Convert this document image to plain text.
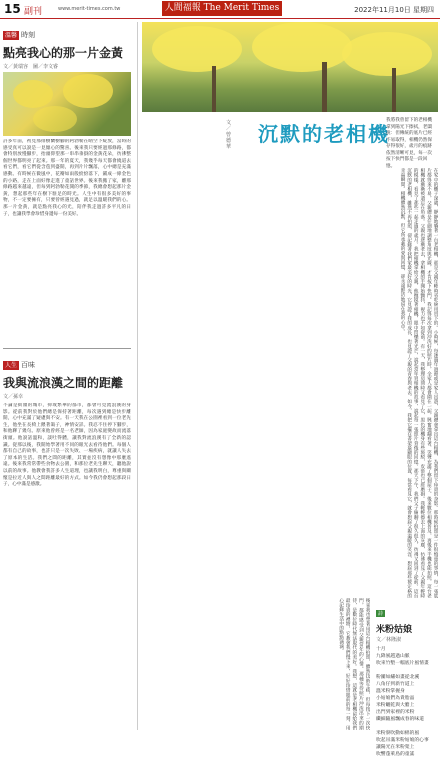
15 副刊	www.merit-times.com.tw	人間福報 The Merit Times	2022年11月10日 星期四
溫馨 時刻
點亮我心的那一片金黃
文／黃瑞容　圖／李文睿
許多年前，初見那排樹蘭樹腳的阿勃勒在晴空下綻放，當時的感受真可以說是一見傾心的驚喜。後來我只要經過那條路，都會特別放慢腳步，抬頭仰望那一串串垂掛的金黃花朵，彷彿整個世界都明亮了起來。那一年的夏天，我幾乎每天都會繞道去看它們，看它們從含苞到盛開，再到片片飄落，心中總是充滿感動。有時候在微風中，花瓣如雨般紛紛落下，鋪成一條金色的小路，走在上面好像走進了童話世界。後來我搬了家，離那條路越來越遠，但每到阿勃勒花開的季節，我總會想起那片金黃，想起那些年在樹下駐足的時光。人生中有很多美好的事物，不一定要擁有，只要曾經遇見過，就足以溫暖我們的心。那一片金黃，就是點亮我心的光，陪伴我走過許多平凡的日子，也讓我學會珍惜身邊每一份美好。
人生 百味
我與流浪漢之間的距離
文／孫幸
不論是街頭的城市，抑或繁華的都市，都會可見流浪漢的身影。從前我對於他們總是保持著距離，每次遇到總是快步離開，心中充滿了疑慮與不安。有一天我在公園裡看到一位老先生，他坐在長椅上餵著鴿子，神情安詳。我忍不住停下腳步，和他聊了幾句。原來他曾經是一名老師，因為家庭變故而流落街頭。他說話溫和，談吐得體，讓我對流浪漢有了全新的認識。從那以後，我開始學著用不同的眼光去看待他們。每個人都有自己的故事，也許只是一次失敗、一場疾病，就讓人失去了原本的生活。我們之間的距離，其實並沒有想像中那麼遙遠。後來我常常帶些食物去公園，和那位老先生聊天，聽他說以前的故事。他教會我許多人生道理，也讓我明白，尊重與關懷是拉近人與人之間距離最好的方式。如今我仍會想起那段日子，心中滿是感激。
文／曾德華
沉默的老相機
我將我曾留下的老相機拿到陽光下擦拭，老闆說：但傳統的底片已經不易取得，相機仍然保存得很好，歲月的痕跡依然清晰可見，每一次按下快門都是一段回憶。
在家中的櫃子深處，靜靜地躺著一台老相機，那是父親年輕時省吃儉用買下的。小時候，每逢過年過節或是家人出遊，父親總會拿出這台相機，為我們留下珍貴的身影。那時候拍照是一件很慎重的事情，每一張底片都得來不易，父親總是仔細地調整角度與光線，才肯按下快門。我記得每次拿到沖洗好的照片時，全家人都會圍在一起，興奮地翻看著，笑聲充滿了整個屋子。後來數位相機普及，再後來手機也能拍照，這台老相機就漸漸被遺忘在角落。父親也逐漸老去，拿相機的手開始顫抖，視力也不如從前。有一天，我整理房間時又看見了它，黑色的機身有些斑駁，皮套也已經磨損。我輕輕擦去上面的灰塵，彷彿看見了父親年輕時的模樣，看見了那些一起走過的歲月。我把相機拿給父親，他撫摸著相機，眼中閃爍著光芒，說起當年買相機的故事，說起每一張照片背後的回憶。那天下午，我們父子倆聊了很久很久，彷彿又回到了從前。這台沉默的老相機，雖然不再拍照，卻記錄著我們家最美好的時光，它見證了我的成長，也見證了父親的青春與老去。如今，我把它擺在書架最顯眼的位置，每當看見它，就會想起父親溫暖的笑容，想起那些被定格的幸福瞬間。相機雖然沉默，但它所承載的愛與回憶，卻永遠鮮活地留在我的心中。
後來我也學著用這台相機拍照，雖然技術生疏，但每按下一次快門，都能感受到父親當年的心情。那種等待照片沖洗出來的期待，是數位時代無法取代的美好。我想，這就是老相機留給我們最珍貴的禮物，它教會我們慢下來，好好珍惜眼前的每一刻，用心記錄生活中的點點滴滴。	詩
米粉姑娘
文／林隆淑
十月
九降風越過山脈
吹來竹塹一幅底片風情畫

粉團如繡如畫從北溪
八角仔到新竹道上
溫米粉掌握身
小姑娘們為貴胎晶
米粉曬乾與大膽上
出門到家裡的米粉
纖細隨風飄成春的味道

米粉寮吹動如棉的風
吹起吊滿米粉姑娘的心事
讓陽光在米粉架上
吹響蓬萊島的童謠
